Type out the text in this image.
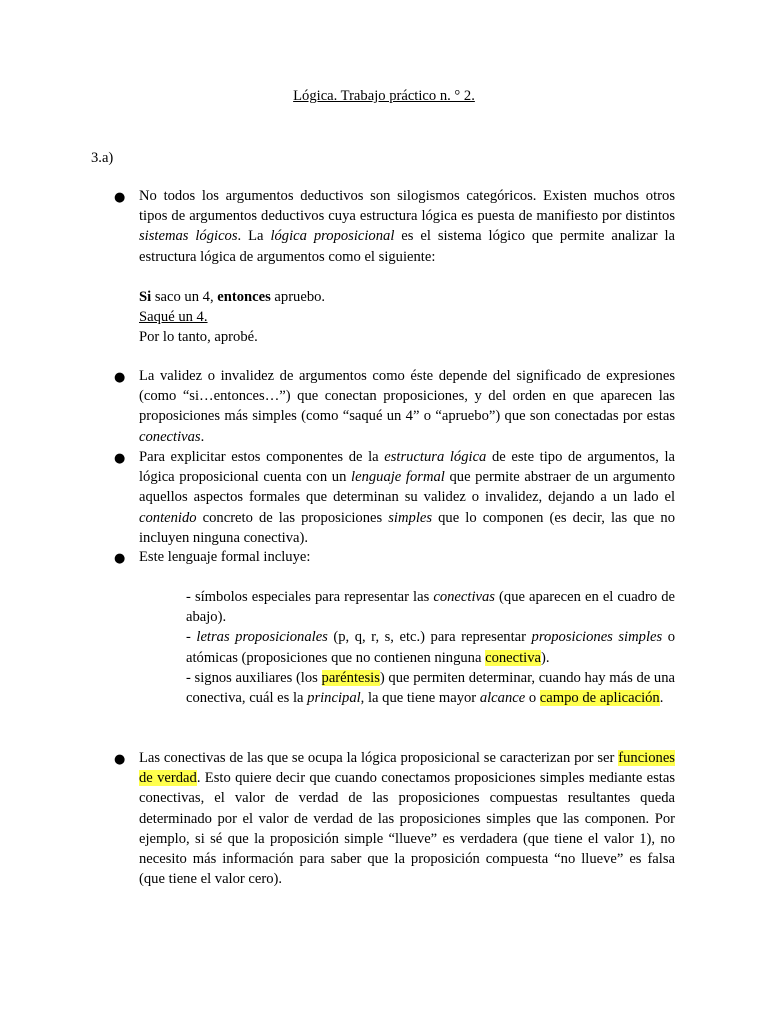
Lógica. Trabajo práctico n. ° 2.
3.a)
● No todos los argumentos deductivos son silogismos categóricos. Existen muchos otros tipos de argumentos deductivos cuya estructura lógica es puesta de manifiesto por distintos sistemas lógicos. La lógica proposicional es el sistema lógico que permite analizar la estructura lógica de argumentos como el siguiente:

Si saco un 4, entonces apruebo.

Saqué un 4.

Por lo tanto, aprobé.

● La validez o invalidez de argumentos como éste depende del significado de expresiones (como “si…entonces…”) que conectan proposiciones, y del orden en que aparecen las proposiciones más simples (como “saqué un 4” o “apruebo”) que son conectadas por estas conectivas.

● Para explicitar estos componentes de la estructura lógica de este tipo de argumentos, la lógica proposicional cuenta con un lenguaje formal que permite abstraer de un argumento aquellos aspectos formales que determinan su validez o invalidez, dejando a un lado el contenido concreto de las proposiciones simples que lo componen (es decir, las que no incluyen ninguna conectiva).

● Este lenguaje formal incluye:

- símbolos especiales para representar las conectivas (que aparecen en el cuadro de abajo).

- letras proposicionales (p, q, r, s, etc.) para representar proposiciones simples o atómicas (proposiciones que no contienen ninguna conectiva).

- signos auxiliares (los paréntesis) que permiten determinar, cuando hay más de una conectiva, cuál es la principal, la que tiene mayor alcance o campo de aplicación.

● Las conectivas de las que se ocupa la lógica proposicional se caracterizan por ser funciones de verdad. Esto quiere decir que cuando conectamos proposiciones simples mediante estas conectivas, el valor de verdad de las proposiciones compuestas resultantes queda determinado por el valor de verdad de las proposiciones simples que las componen. Por ejemplo, si sé que la proposición simple “llueve” es verdadera (que tiene el valor 1), no necesito más información para saber que la proposición compuesta “no llueve” es falsa (que tiene el valor cero).
